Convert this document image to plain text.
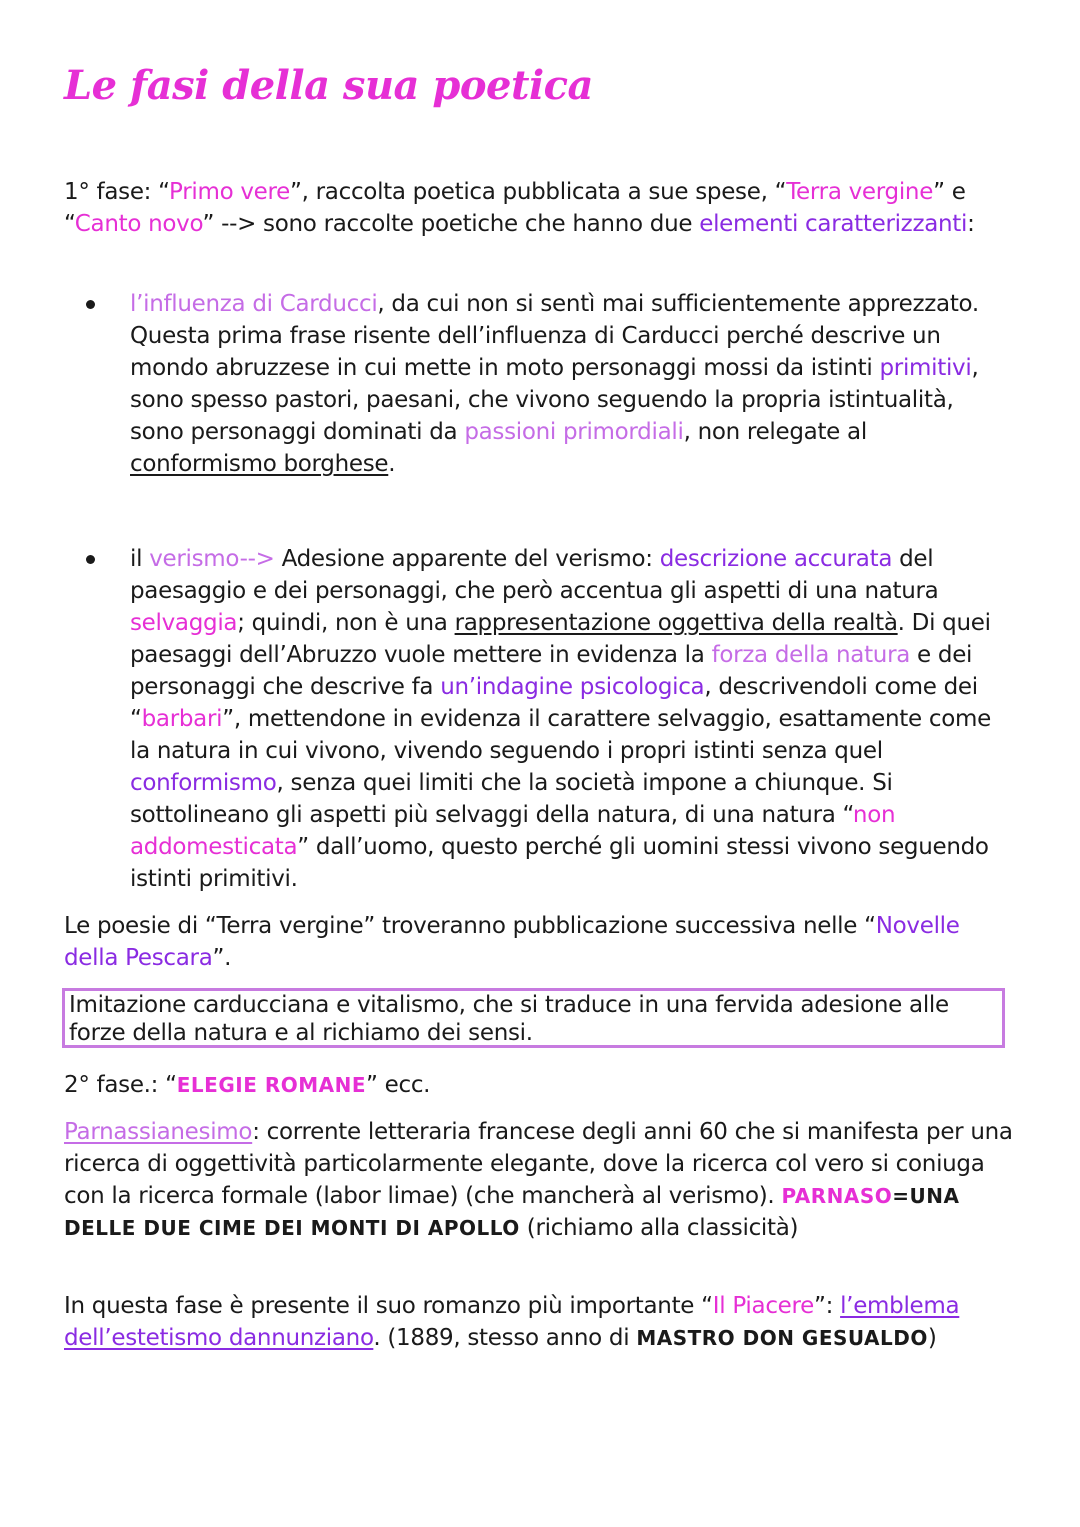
Le fasi della sua poetica

1° fase: “Primo vere”, raccolta poetica pubblicata a sue spese, “Terra vergine” e “Canto novo” --> sono raccolte poetiche che hanno due elementi caratterizzanti:

l’influenza di Carducci, da cui non si sentì mai sufficientemente apprezzato. Questa prima frase risente dell’influenza di Carducci perché descrive un mondo abruzzese in cui mette in moto personaggi mossi da istinti primitivi, sono spesso pastori, paesani, che vivono seguendo la propria istintualità, sono personaggi dominati da passioni primordiali, non relegate al conformismo borghese.
il verismo--> Adesione apparente del verismo: descrizione accurata del paesaggio e dei personaggi, che però accentua gli aspetti di una natura selvaggia; quindi, non è una rappresentazione oggettiva della realtà. Di quei paesaggi dell’Abruzzo vuole mettere in evidenza la forza della natura e dei personaggi che descrive fa un’indagine psicologica, descrivendoli come dei “barbari”, mettendone in evidenza il carattere selvaggio, esattamente come la natura in cui vivono, vivendo seguendo i propri istinti senza quel conformismo, senza quei limiti che la società impone a chiunque. Si sottolineano gli aspetti più selvaggi della natura, di una natura “non addomesticata” dall’uomo, questo perché gli uomini stessi vivono seguendo istinti primitivi.

Le poesie di “Terra vergine” troveranno pubblicazione successiva nelle “Novelle della Pescara”.

Imitazione carducciana e vitalismo, che si traduce in una fervida adesione alle forze della natura e al richiamo dei sensi.

2° fase.: “ELEGIE ROMANE” ecc.

Parnassianesimo: corrente letteraria francese degli anni 60 che si manifesta per una ricerca di oggettività particolarmente elegante, dove la ricerca col vero si coniuga con la ricerca formale (labor limae) (che mancherà al verismo). PARNASO=UNA DELLE DUE CIME DEI MONTI DI APOLLO (richiamo alla classicità)

In questa fase è presente il suo romanzo più importante “Il Piacere”: l’emblema dell’estetismo dannunziano. (1889, stesso anno di MASTRO DON GESUALDO)
